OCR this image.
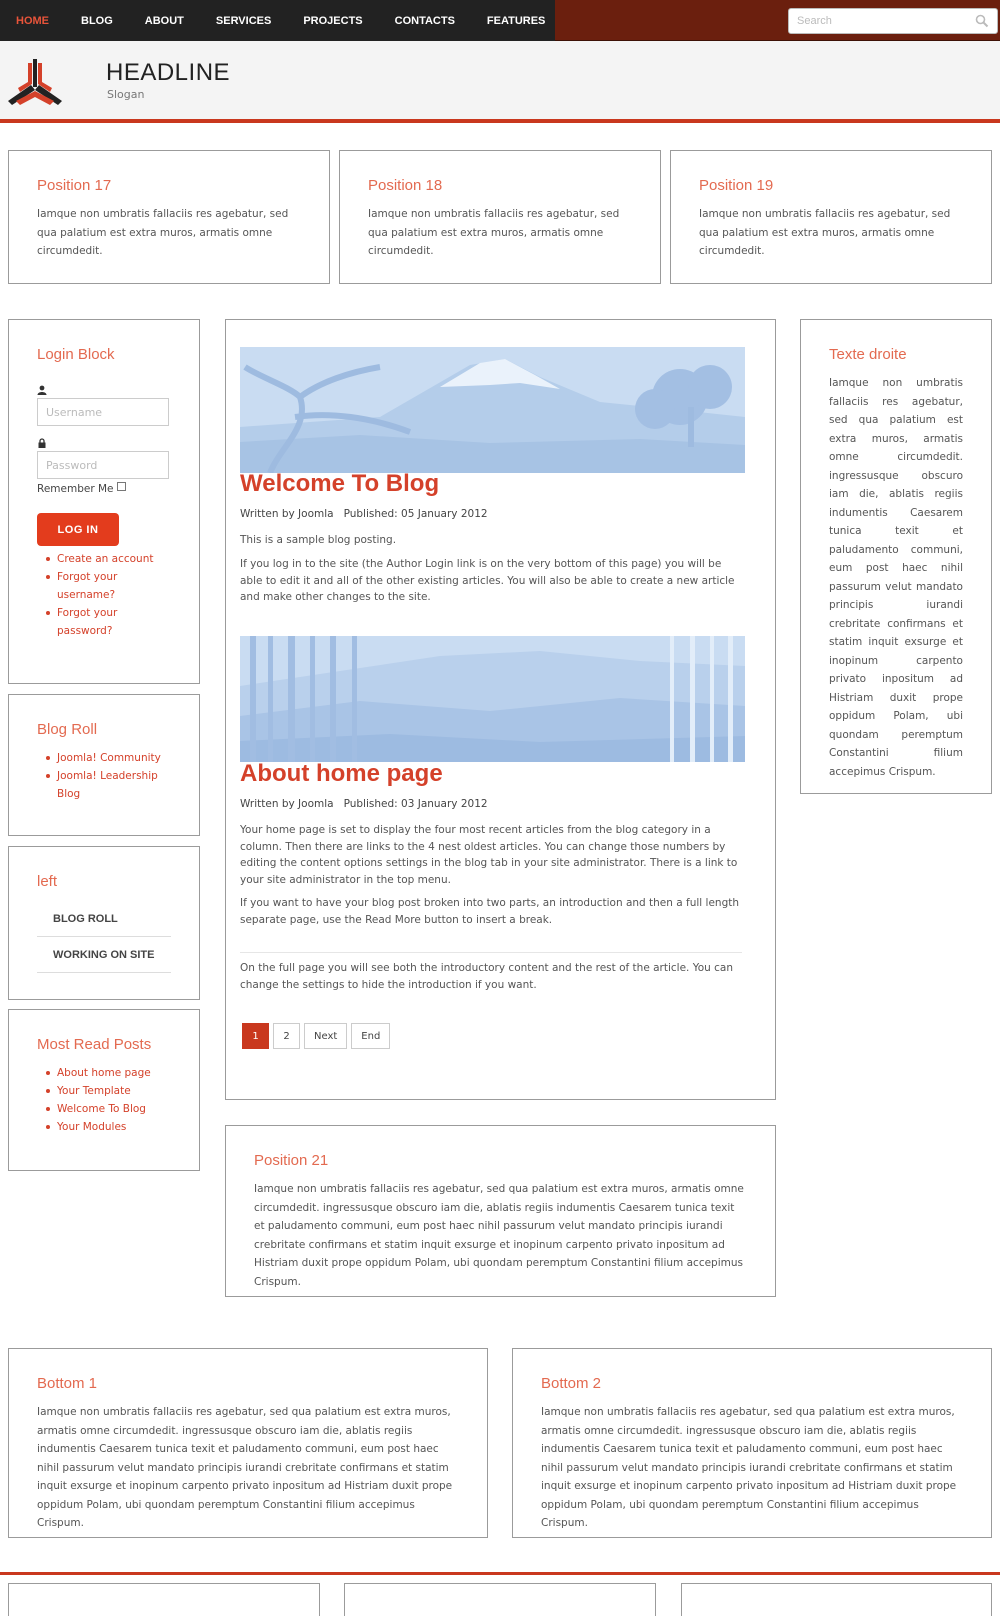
HOME	BLOG	ABOUT	SERVICES	PROJECTS	CONTACTS	FEATURES
Search
HEADLINE
Slogan
Position 17
Iamque non umbratis fallaciis res agebatur, sed qua palatium est extra muros, armatis omne circumdedit.
Position 18
Iamque non umbratis fallaciis res agebatur, sed qua palatium est extra muros, armatis omne circumdedit.
Position 19
Iamque non umbratis fallaciis res agebatur, sed qua palatium est extra muros, armatis omne circumdedit.
Login Block
Username
Remember Me
LOG IN
Create an account
Forgot your username?
Forgot your password?
Blog Roll
Joomla! Community
Joomla! Leadership Blog
left
BLOG ROLL
WORKING ON SITE
Most Read Posts
About home page
Your Template
Welcome To Blog
Your Modules
Welcome To Blog
Written by Joomla Published: 05 January 2012
This is a sample blog posting.
If you log in to the site (the Author Login link is on the very bottom of this page) you will be able to edit it and all of the other existing articles. You will also be able to create a new article and make other changes to the site.
About home page
Written by Joomla Published: 03 January 2012
Your home page is set to display the four most recent articles from the blog category in a column. Then there are links to the 4 nest oldest articles. You can change those numbers by editing the content options settings in the blog tab in your site administrator. There is a link to your site administrator in the top menu.
If you want to have your blog post broken into two parts, an introduction and then a full length separate page, use the Read More button to insert a break.
On the full page you will see both the introductory content and the rest of the article. You can change the settings to hide the introduction if you want.
1	2	Next	End
Texte droite
Iamque non umbratis fallaciis res agebatur, sed qua palatium est extra muros, armatis omne circumdedit. ingressusque obscuro iam die, ablatis regiis indumentis Caesarem tunica texit et paludamento communi, eum post haec nihil passurum velut mandato principis iurandi crebritate confirmans et statim inquit exsurge et inopinum carpento privato inpositum ad Histriam duxit prope oppidum Polam, ubi quondam peremptum Constantini filium accepimus Crispum.
Position 21
Iamque non umbratis fallaciis res agebatur, sed qua palatium est extra muros, armatis omne circumdedit. ingressusque obscuro iam die, ablatis regiis indumentis Caesarem tunica texit et paludamento communi, eum post haec nihil passurum velut mandato principis iurandi crebritate confirmans et statim inquit exsurge et inopinum carpento privato inpositum ad Histriam duxit prope oppidum Polam, ubi quondam peremptum Constantini filium accepimus Crispum.
Bottom 1
Iamque non umbratis fallaciis res agebatur, sed qua palatium est extra muros, armatis omne circumdedit. ingressusque obscuro iam die, ablatis regiis indumentis Caesarem tunica texit et paludamento communi, eum post haec nihil passurum velut mandato principis iurandi crebritate confirmans et statim inquit exsurge et inopinum carpento privato inpositum ad Histriam duxit prope oppidum Polam, ubi quondam peremptum Constantini filium accepimus Crispum.
Bottom 2
Iamque non umbratis fallaciis res agebatur, sed qua palatium est extra muros, armatis omne circumdedit. ingressusque obscuro iam die, ablatis regiis indumentis Caesarem tunica texit et paludamento communi, eum post haec nihil passurum velut mandato principis iurandi crebritate confirmans et statim inquit exsurge et inopinum carpento privato inpositum ad Histriam duxit prope oppidum Polam, ubi quondam peremptum Constantini filium accepimus Crispum.
